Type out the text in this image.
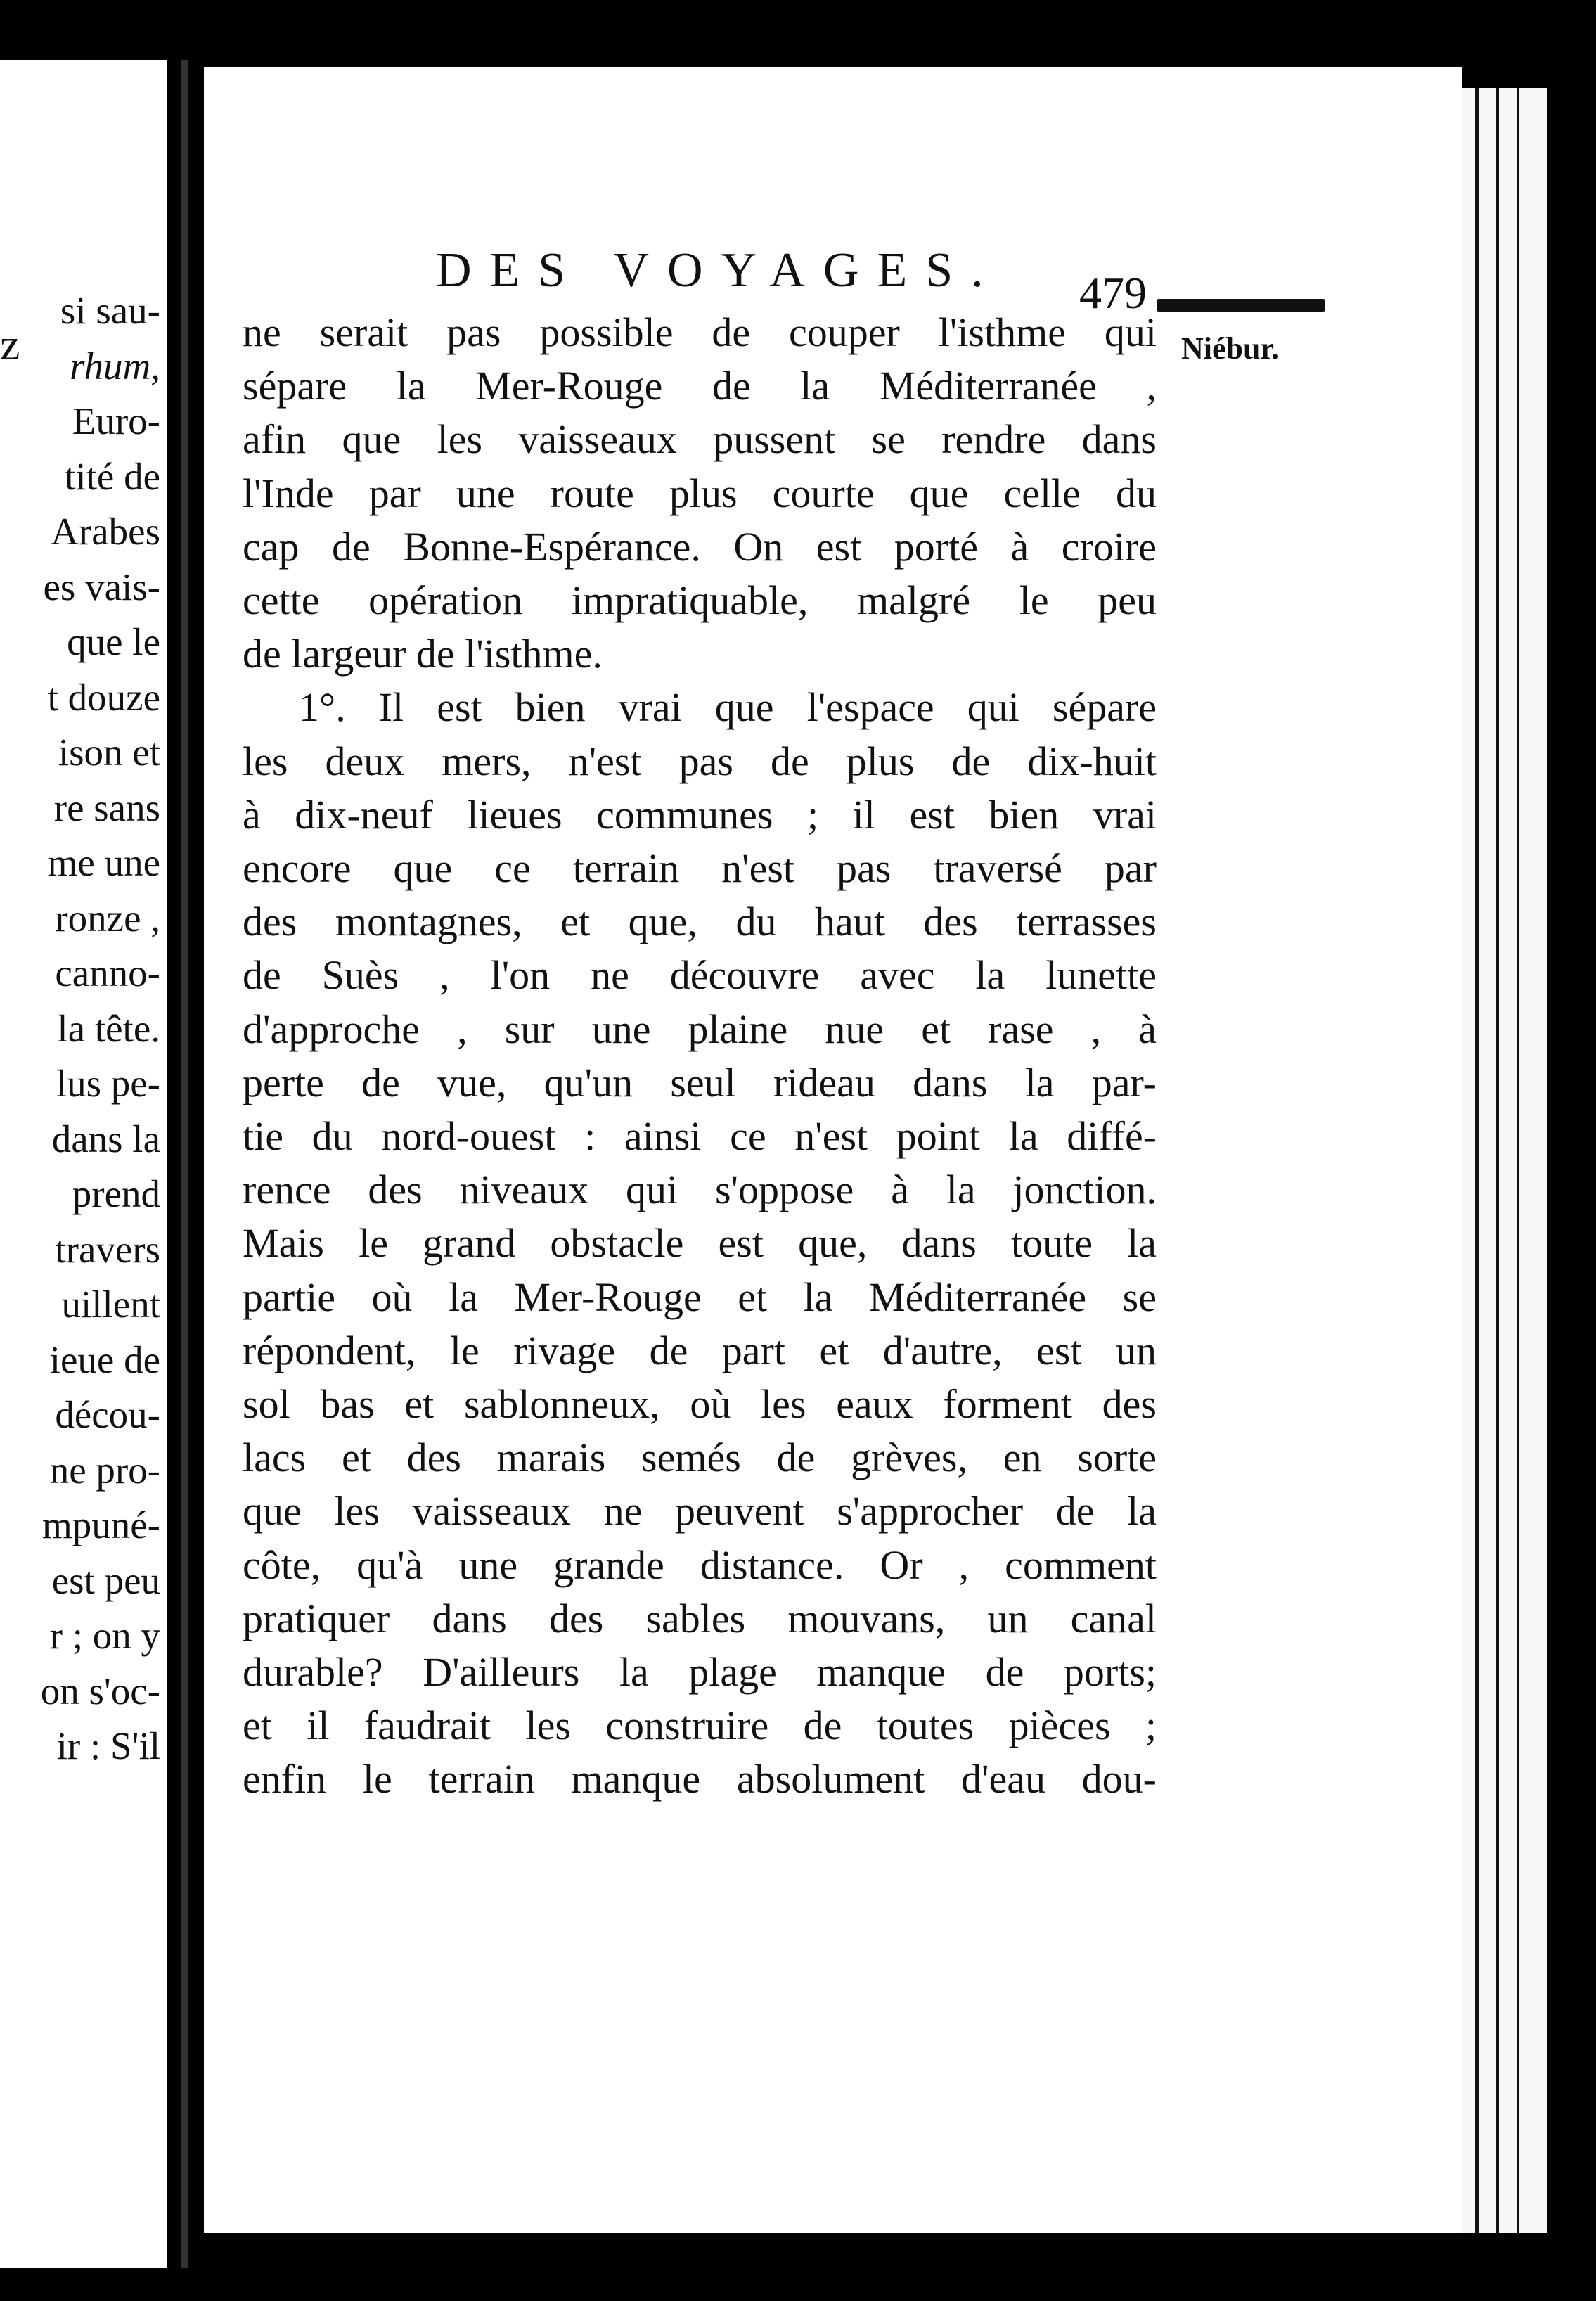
z
si sau-
rhum,
Euro-
tité de
Arabes
es vais-
que le
t douze
ison et
re sans
me une
ronze ,
canno-
la tête.
lus pe-
dans la
prend
travers
uillent
ieue de
décou-
ne pro-
mpuné-
est peu
r ; on y
on s'oc-
ir : S'il
DES VOYAGES. 479
Niébur.
ne serait pas possible de couper l'isthme qui
sépare la Mer-Rouge de la Méditerranée ,
afin que les vaisseaux pussent se rendre dans
l'Inde par une route plus courte que celle du
cap de Bonne-Espérance. On est porté à croire
cette opération impratiquable, malgré le peu
de largeur de l'isthme.
1°. Il est bien vrai que l'espace qui sépare
les deux mers, n'est pas de plus de dix-huit
à dix-neuf lieues communes ; il est bien vrai
encore que ce terrain n'est pas traversé par
des montagnes, et que, du haut des terrasses
de Suès , l'on ne découvre avec la lunette
d'approche , sur une plaine nue et rase , à
perte de vue, qu'un seul rideau dans la par-
tie du nord-ouest : ainsi ce n'est point la diffé-
rence des niveaux qui s'oppose à la jonction.
Mais le grand obstacle est que, dans toute la
partie où la Mer-Rouge et la Méditerranée se
répondent, le rivage de part et d'autre, est un
sol bas et sablonneux, où les eaux forment des
lacs et des marais semés de grèves, en sorte
que les vaisseaux ne peuvent s'approcher de la
côte, qu'à une grande distance. Or , comment
pratiquer dans des sables mouvans, un canal
durable? D'ailleurs la plage manque de ports;
et il faudrait les construire de toutes pièces ;
enfin le terrain manque absolument d'eau dou-
